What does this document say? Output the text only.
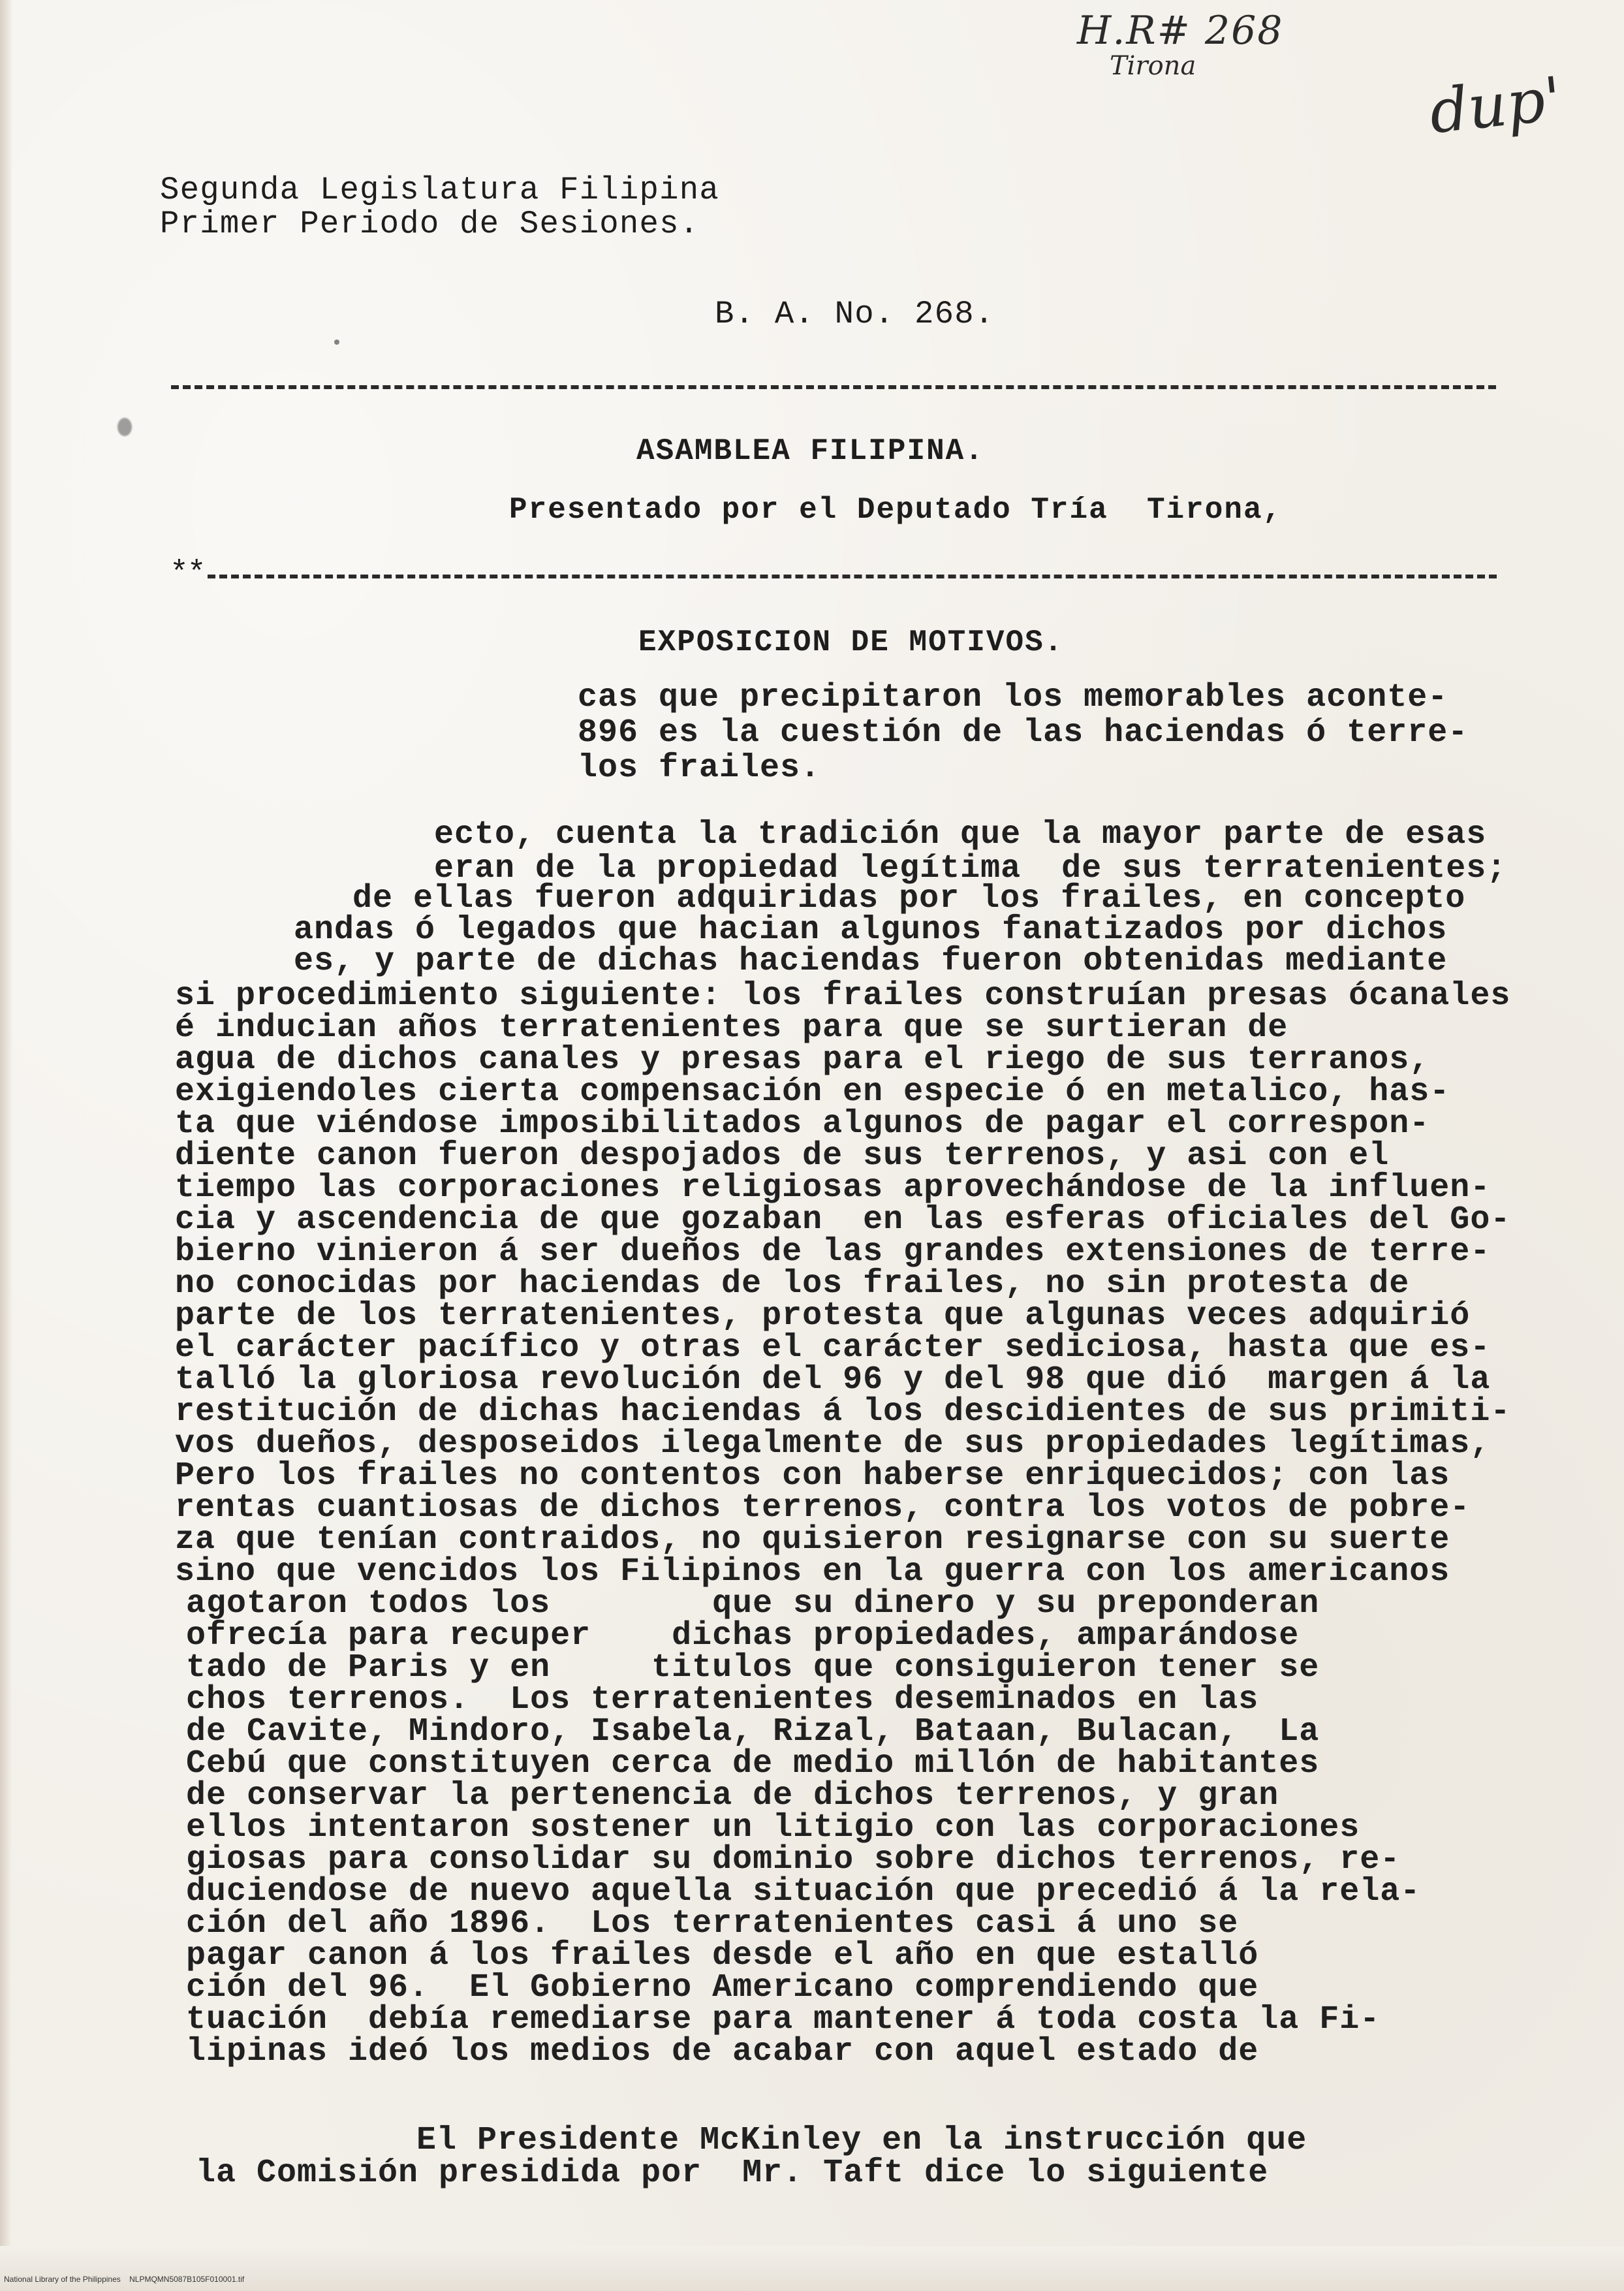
H.R# 268
Tirona	dup'
Segunda Legislatura Filipina
Primer Periodo de Sesiones.
B. A. No. 268.
ASAMBLEA FILIPINA.
Presentado por el Deputado Tría  Tirona,
**
EXPOSICION DE MOTIVOS.
cas que precipitaron los memorables aconte-
896 es la cuestión de las haciendas ó terre-
los frailes.
ecto, cuenta la tradición que la mayor parte de esas
eran de la propiedad legítima  de sus terratenientes;
de ellas fueron adquiridas por los frailes, en concepto
andas ó legados que hacian algunos fanatizados por dichos
es, y parte de dichas haciendas fueron obtenidas mediante
si procedimiento siguiente: los frailes construían presas ócanales
é inducian años terratenientes para que se surtieran de
agua de dichos canales y presas para el riego de sus terranos,
exigiendoles cierta compensación en especie ó en metalico, has-
ta que viéndose imposibilitados algunos de pagar el correspon-
diente canon fueron despojados de sus terrenos, y asi con el
tiempo las corporaciones religiosas aprovechándose de la influen-
cia y ascendencia de que gozaban  en las esferas oficiales del Go-
bierno vinieron á ser dueños de las grandes extensiones de terre-
no conocidas por haciendas de los frailes, no sin protesta de
parte de los terratenientes, protesta que algunas veces adquirió
el carácter pacífico y otras el carácter sediciosa, hasta que es-
talló la gloriosa revolución del 96 y del 98 que dió  margen á la
restitución de dichas haciendas á los descidientes de sus primiti-
vos dueños, desposeidos ilegalmente de sus propiedades legítimas,
Pero los frailes no contentos con haberse enriquecidos; con las
rentas cuantiosas de dichos terrenos, contra los votos de pobre-
za que tenían contraidos, no quisieron resignarse con su suerte
sino que vencidos los Filipinos en la guerra con los americanos
agotaron todos los        que su dinero y su preponderan
ofrecía para recuper    dichas propiedades, amparándose
tado de Paris y en     titulos que consiguieron tener se
chos terrenos.  Los terratenientes deseminados en las
de Cavite, Mindoro, Isabela, Rizal, Bataan, Bulacan,  La
Cebú que constituyen cerca de medio millón de habitantes
de conservar la pertenencia de dichos terrenos, y gran
ellos intentaron sostener un litigio con las corporaciones
giosas para consolidar su dominio sobre dichos terrenos, re-
duciendose de nuevo aquella situación que precedió á la rela-
ción del año 1896.  Los terratenientes casi á uno se
pagar canon á los frailes desde el año en que estalló
ción del 96.  El Gobierno Americano comprendiendo que
tuación  debía remediarse para mantener á toda costa la Fi-
lipinas ideó los medios de acabar con aquel estado de
El Presidente McKinley en la instrucción que
la Comisión presidida por  Mr. Taft dice lo siguiente
National Library of the Philippines    NLPMQMN5087B105F010001.tif
